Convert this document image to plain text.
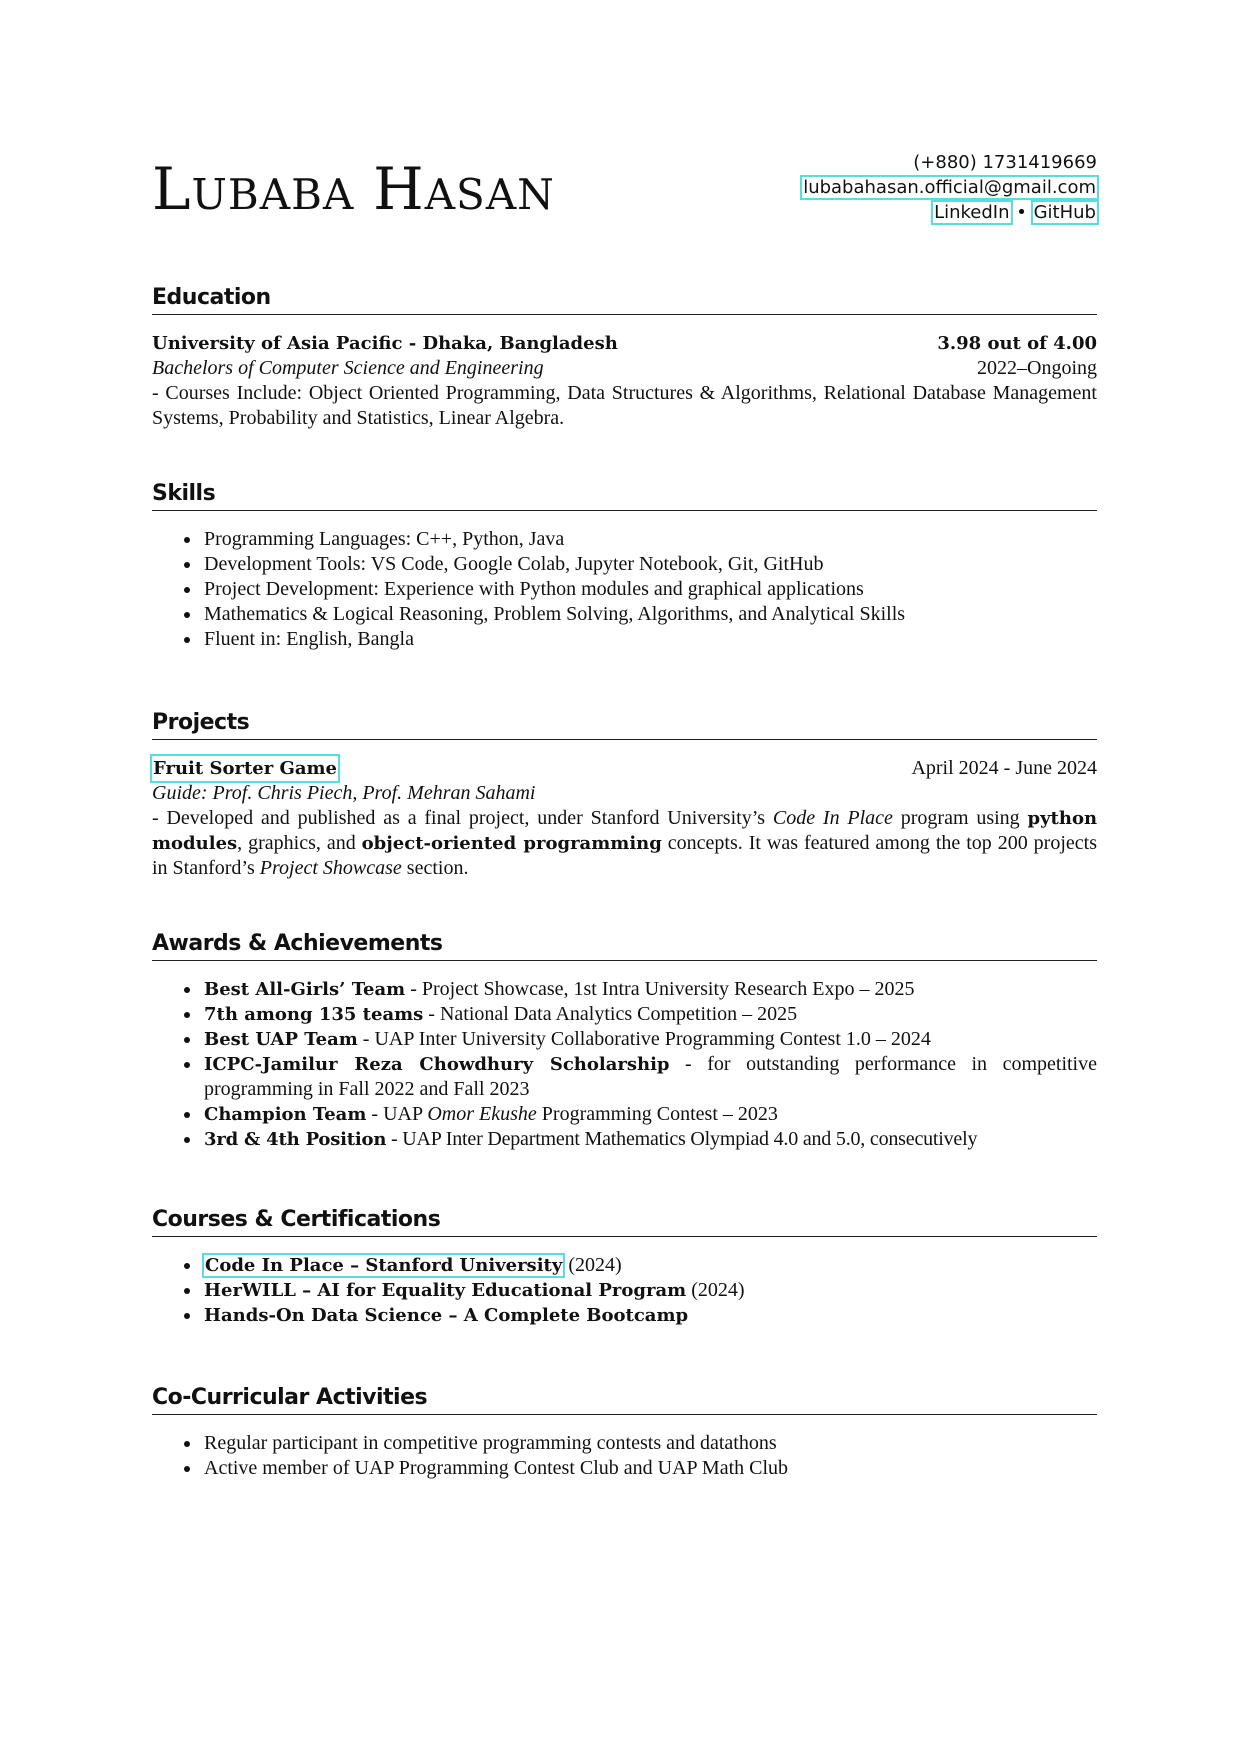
LUBABA HASAN
(+880) 1731419669
lubabahasan.official@gmail.com
LinkedIn • GitHub
Education
University of Asia Pacific - Dhaka, Bangladesh	3.98 out of 4.00
Bachelors of Computer Science and Engineering	2022–Ongoing
- Courses Include: Object Oriented Programming, Data Structures & Algorithms, Relational Database Management Systems, Probability and Statistics, Linear Algebra.
Skills
Programming Languages: C++, Python, Java
Development Tools: VS Code, Google Colab, Jupyter Notebook, Git, GitHub
Project Development: Experience with Python modules and graphical applications
Mathematics & Logical Reasoning, Problem Solving, Algorithms, and Analytical Skills
Fluent in: English, Bangla
Projects
Fruit Sorter Game	April 2024 - June 2024
Guide: Prof. Chris Piech, Prof. Mehran Sahami
- Developed and published as a final project, under Stanford University’s Code In Place program using python modules, graphics, and object-oriented programming concepts. It was featured among the top 200 projects in Stanford’s Project Showcase section.
Awards & Achievements
Best All-Girls’ Team - Project Showcase, 1st Intra University Research Expo – 2025
7th among 135 teams - National Data Analytics Competition – 2025
Best UAP Team - UAP Inter University Collaborative Programming Contest 1.0 – 2024
ICPC-Jamilur Reza Chowdhury Scholarship - for outstanding performance in competitive programming in Fall 2022 and Fall 2023
Champion Team - UAP Omor Ekushe Programming Contest – 2023
3rd & 4th Position - UAP Inter Department Mathematics Olympiad 4.0 and 5.0, consecutively
Courses & Certifications
Code In Place – Stanford University (2024)
HerWILL – AI for Equality Educational Program (2024)
Hands-On Data Science – A Complete Bootcamp
Co-Curricular Activities
Regular participant in competitive programming contests and datathons
Active member of UAP Programming Contest Club and UAP Math Club
